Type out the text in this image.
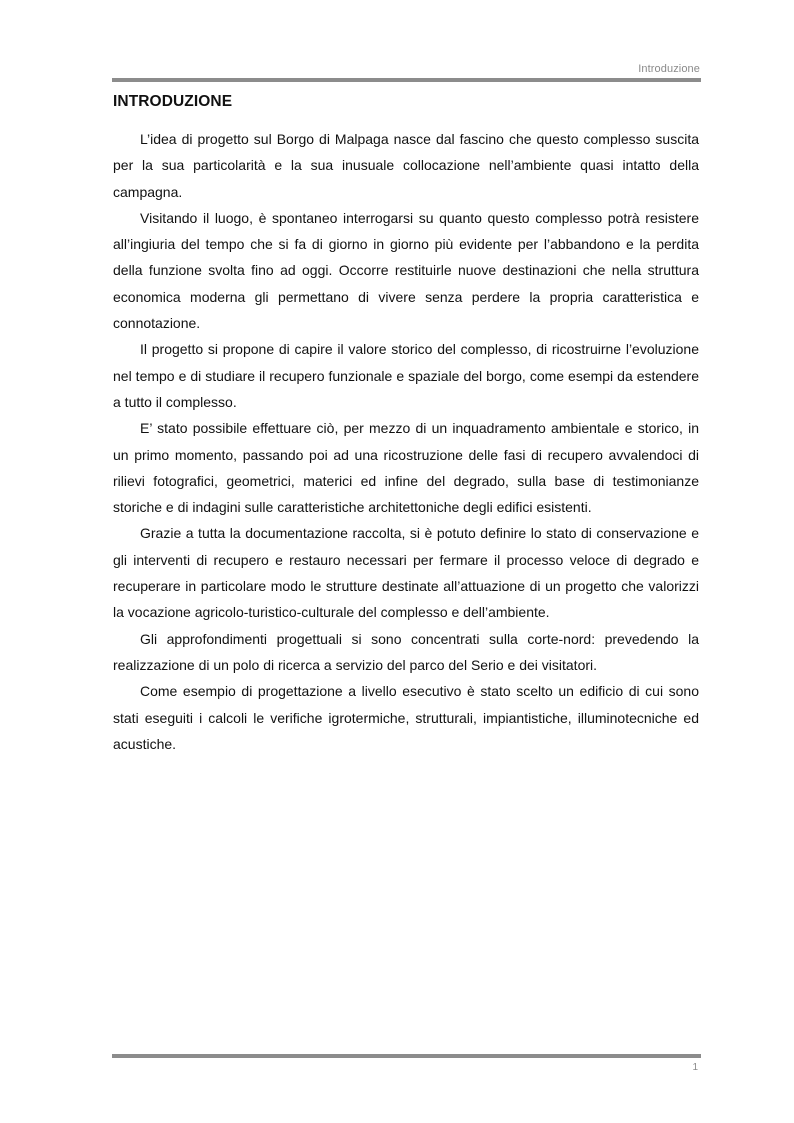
Introduzione
INTRODUZIONE

L’idea di progetto sul Borgo di Malpaga nasce dal fascino che questo complesso suscita per la sua particolarità e la sua inusuale collocazione nell’ambiente quasi intatto della campagna.

Visitando il luogo, è spontaneo interrogarsi su quanto questo complesso potrà resistere all’ingiuria del tempo che si fa di giorno in giorno più evidente per l’abbandono e la perdita della funzione svolta fino ad oggi. Occorre restituirle nuove destinazioni che nella struttura economica moderna gli permettano di vivere senza perdere la propria caratteristica e connotazione.

Il progetto si propone di capire il valore storico del complesso, di ricostruirne l’evoluzione nel tempo e di studiare il recupero funzionale e spaziale del borgo, come esempi da estendere a tutto il complesso.

E’ stato possibile effettuare ciò, per mezzo di un inquadramento ambientale e storico, in un primo momento, passando poi ad una ricostruzione delle fasi di recupero avvalendoci di rilievi fotografici, geometrici, materici ed infine del degrado, sulla base di testimonianze storiche e di indagini sulle caratteristiche architettoniche degli edifici esistenti.

Grazie a tutta la documentazione raccolta, si è potuto definire lo stato di conservazione e gli interventi di recupero e restauro necessari per fermare il processo veloce di degrado e recuperare in particolare modo le strutture destinate all’attuazione di un progetto che valorizzi la vocazione agricolo-turistico-culturale del complesso e dell’ambiente.

Gli approfondimenti progettuali si sono concentrati sulla corte-nord: prevedendo la realizzazione di un polo di ricerca a servizio del parco del Serio e dei visitatori.

Come esempio di progettazione a livello esecutivo è stato scelto un edificio di cui sono stati eseguiti i calcoli le verifiche igrotermiche, strutturali, impiantistiche, illuminotecniche ed acustiche.

1
